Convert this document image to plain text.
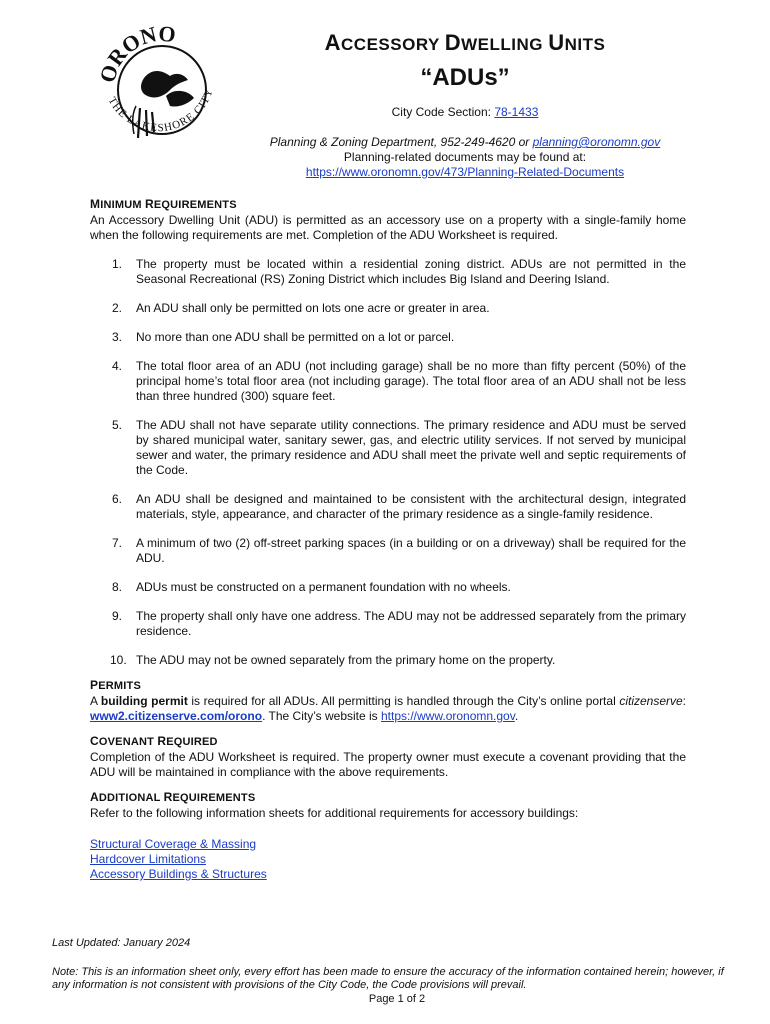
ORONO
THE LAKESHORE CITY
ACCESSORY DWELLING UNITS
“ADUs”
City Code Section: 78-1433
Planning & Zoning Department, 952-249-4620 or planning@oronomn.gov
Planning-related documents may be found at:
https://www.oronomn.gov/473/Planning-Related-Documents
MINIMUM REQUIREMENTS

An Accessory Dwelling Unit (ADU) is permitted as an accessory use on a property with a single-family home when the following requirements are met. Completion of the ADU Worksheet is required.

1.	The property must be located within a residential zoning district. ADUs are not permitted in the Seasonal Recreational (RS) Zoning District which includes Big Island and Deering Island.
2.	An ADU shall only be permitted on lots one acre or greater in area.
3.	No more than one ADU shall be permitted on a lot or parcel.
4.	The total floor area of an ADU (not including garage) shall be no more than fifty percent (50%) of the principal home’s total floor area (not including garage). The total floor area of an ADU shall not be less than three hundred (300) square feet.
5.	The ADU shall not have separate utility connections. The primary residence and ADU must be served by shared municipal water, sanitary sewer, gas, and electric utility services. If not served by municipal sewer and water, the primary residence and ADU shall meet the private well and septic requirements of the Code.
6.	An ADU shall be designed and maintained to be consistent with the architectural design, integrated materials, style, appearance, and character of the primary residence as a single-family residence.
7.	A minimum of two (2) off-street parking spaces (in a building or on a driveway) shall be required for the ADU.
8.	ADUs must be constructed on a permanent foundation with no wheels.
9.	The property shall only have one address. The ADU may not be addressed separately from the primary residence.
10. The ADU may not be owned separately from the primary home on the property.
PERMITS

A building permit is required for all ADUs. All permitting is handled through the City’s online portal citizenserve: www2.citizenserve.com/orono. The City’s website is https://www.oronomn.gov.

COVENANT REQUIRED

Completion of the ADU Worksheet is required. The property owner must execute a covenant providing that the ADU will be maintained in compliance with the above requirements.

ADDITIONAL REQUIREMENTS

Refer to the following information sheets for additional requirements for accessory buildings:

Structural Coverage & Massing
Hardcover Limitations
Accessory Buildings & Structures
Last Updated: January 2024
Note: This is an information sheet only, every effort has been made to ensure the accuracy of the information contained herein; however, if any information is not consistent with provisions of the City Code, the Code provisions will prevail.
Page 1 of 2
